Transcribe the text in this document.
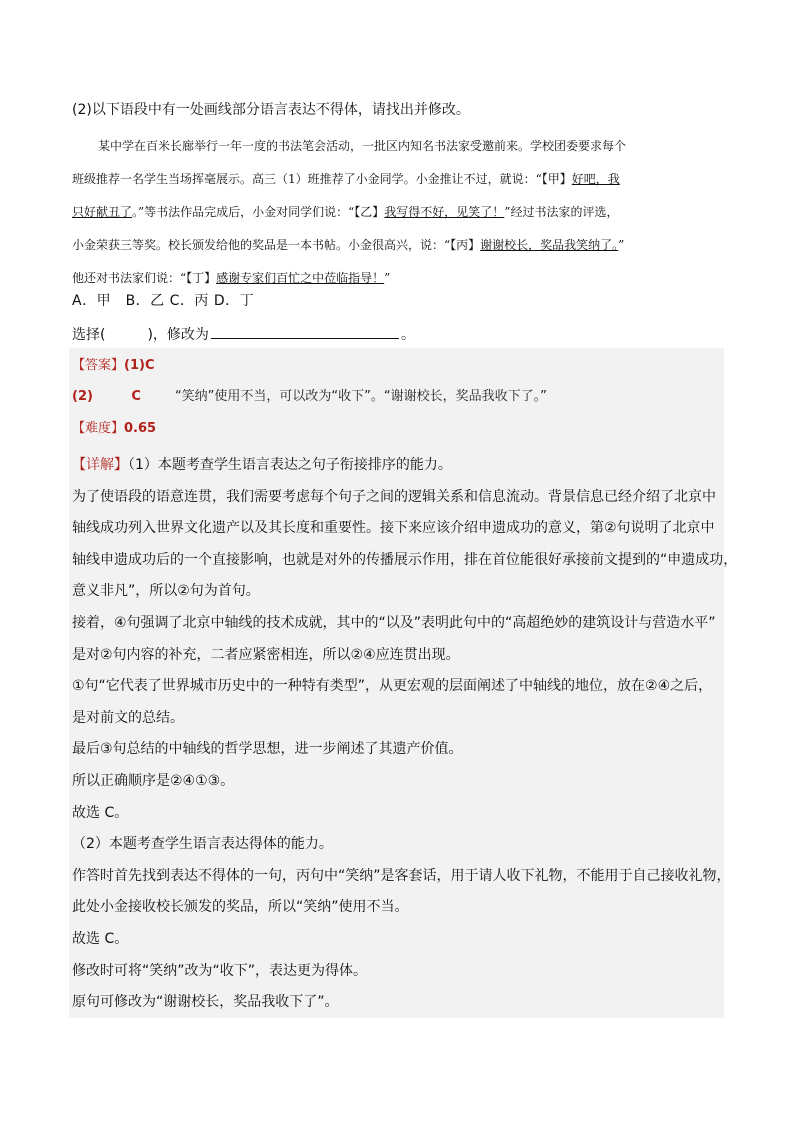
(2)以下语段中有一处画线部分语言表达不得体，请找出并修改。

某中学在百米长廊举行一年一度的书法笔会活动，一批区内知名书法家受邀前来。学校团委要求每个

班级推荐一名学生当场挥毫展示。高三（1）班推荐了小金同学。小金推让不过，就说：“【甲】好吧，我

只好献丑了。”等书法作品完成后，小金对同学们说：“【乙】我写得不好，见笑了！”经过书法家的评选，

小金荣获三等奖。校长颁发给他的奖品是一本书帖。小金很高兴，说：“【丙】谢谢校长，奖品我笑纳了。”

他还对书法家们说：“【丁】感谢专家们百忙之中莅临指导！”

A．甲　B．乙 C．丙 D．丁
选择(　　　)，修改为	。
【答案】(1)C
(2)	C	“笑纳”使用不当，可以改为“收下”。“谢谢校长，奖品我收下了。”
【难度】0.65

【详解】（1）本题考查学生语言表达之句子衔接排序的能力。

为了使语段的语意连贯，我们需要考虑每个句子之间的逻辑关系和信息流动。背景信息已经介绍了北京中

轴线成功列入世界文化遗产以及其长度和重要性。接下来应该介绍申遗成功的意义，第②句说明了北京中

轴线申遗成功后的一个直接影响，也就是对外的传播展示作用，排在首位能很好承接前文提到的“申遗成功，

意义非凡”，所以②句为首句。

接着，④句强调了北京中轴线的技术成就，其中的“以及”表明此句中的“高超绝妙的建筑设计与营造水平”

是对②句内容的补充，二者应紧密相连，所以②④应连贯出现。

①句“它代表了世界城市历史中的一种特有类型”，从更宏观的层面阐述了中轴线的地位，放在②④之后，

是对前文的总结。

最后③句总结的中轴线的哲学思想，进一步阐述了其遗产价值。

所以正确顺序是②④①③。

故选 C。

（2）本题考查学生语言表达得体的能力。

作答时首先找到表达不得体的一句，丙句中“笑纳”是客套话，用于请人收下礼物，不能用于自己接收礼物，

此处小金接收校长颁发的奖品，所以“笑纳”使用不当。

故选 C。

修改时可将“笑纳”改为“收下”，表达更为得体。

原句可修改为“谢谢校长，奖品我收下了”。
